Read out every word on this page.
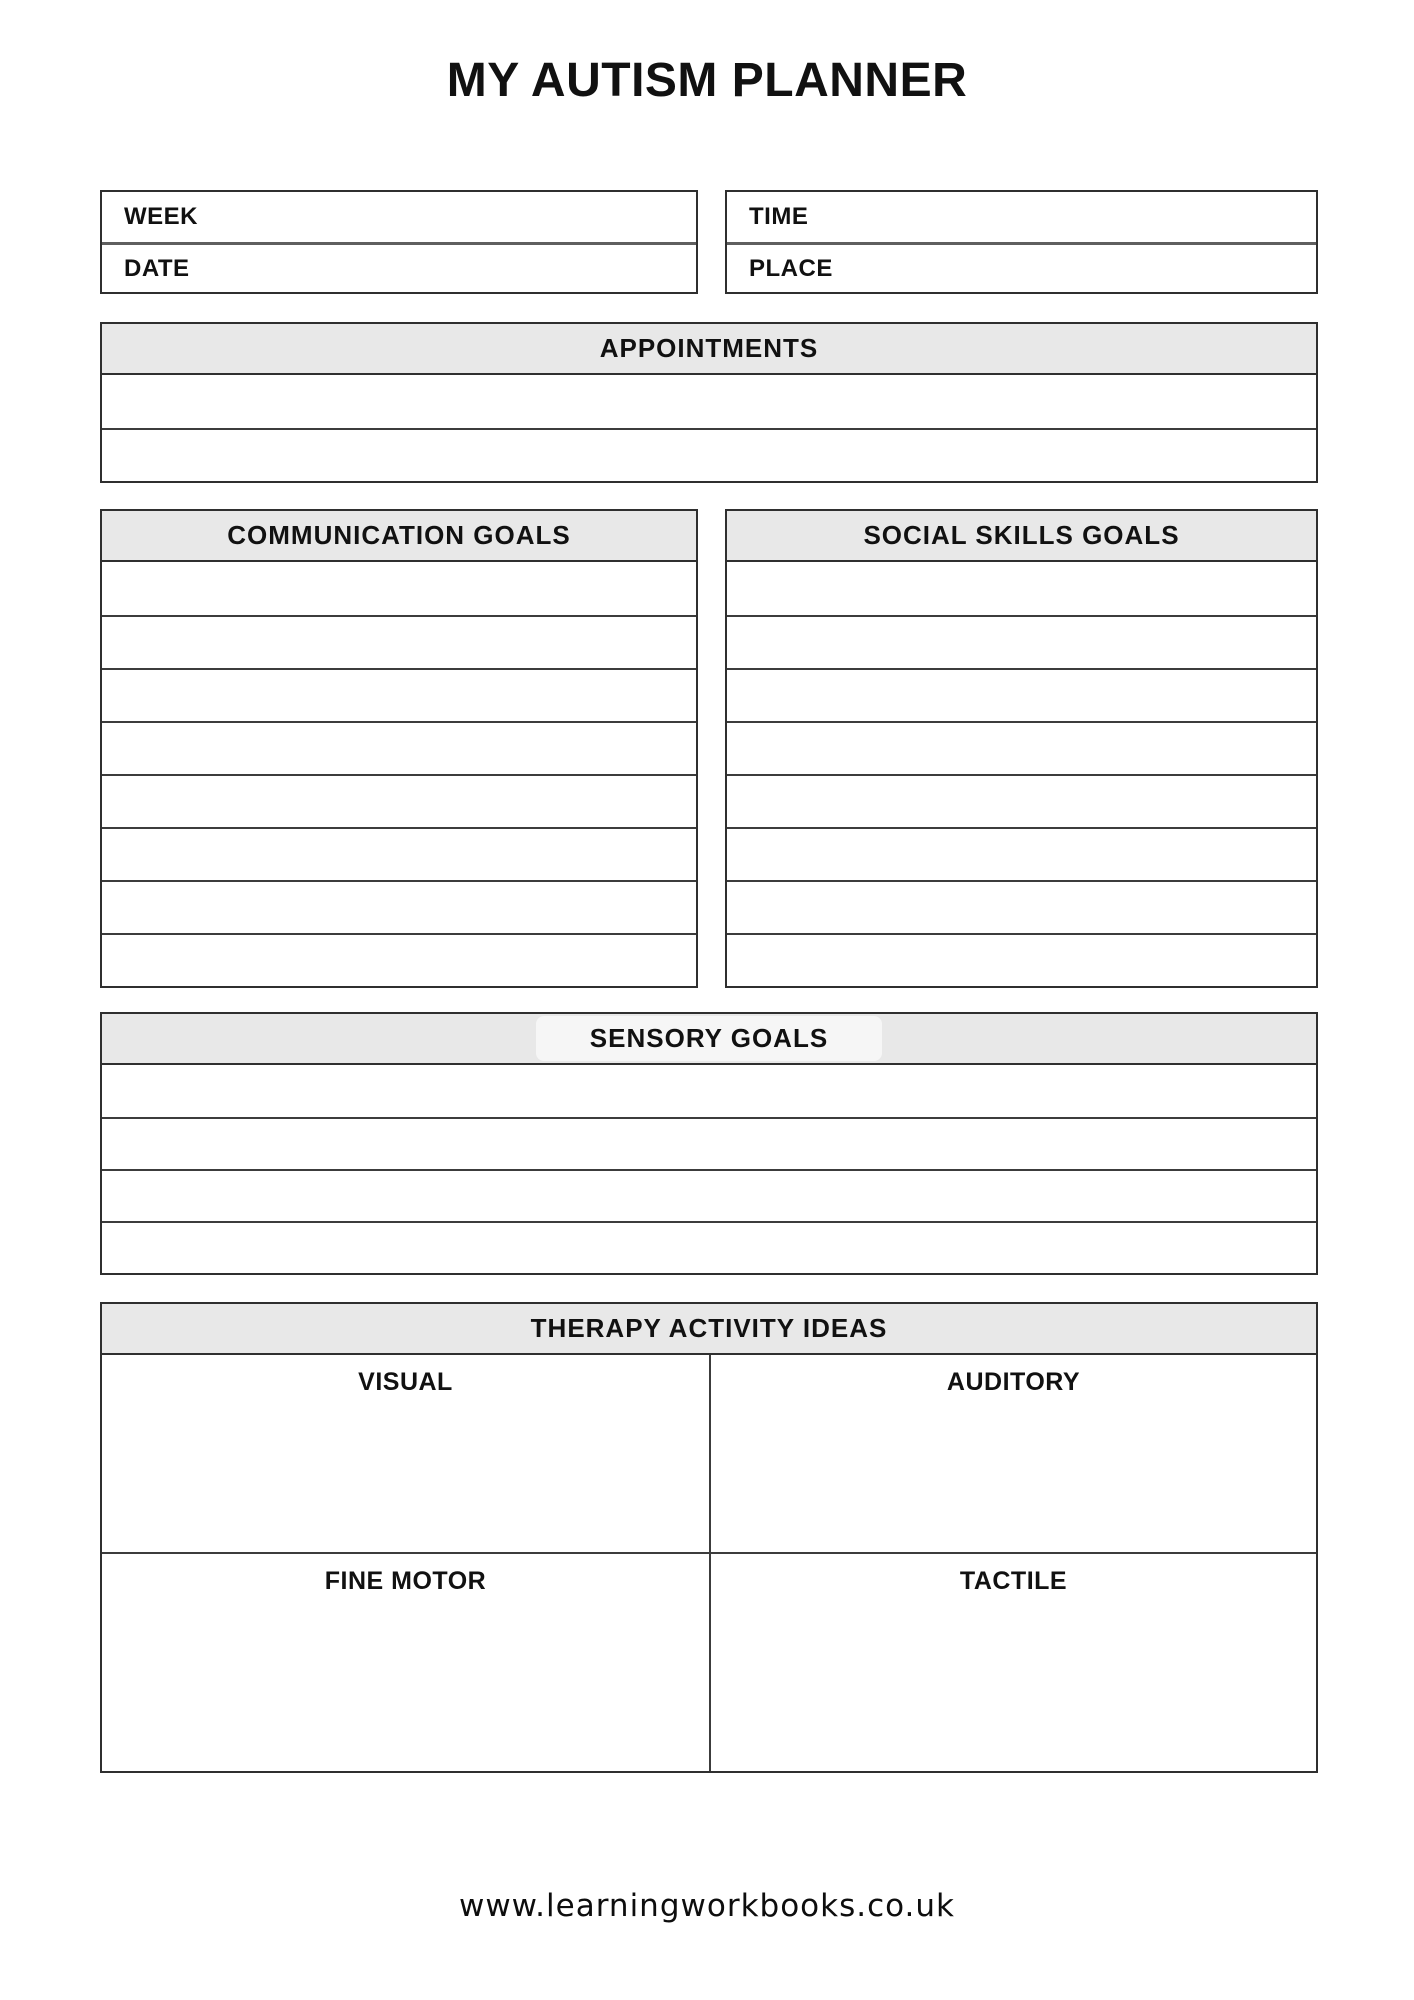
MY AUTISM PLANNER
WEEK
DATE
TIME
PLACE
APPOINTMENTS
COMMUNICATION GOALS	SOCIAL SKILLS GOALS
SENSORY GOALS
THERAPY ACTIVITY IDEAS
VISUAL	AUDITORY
FINE MOTOR	TACTILE
www.learningworkbooks.co.uk
